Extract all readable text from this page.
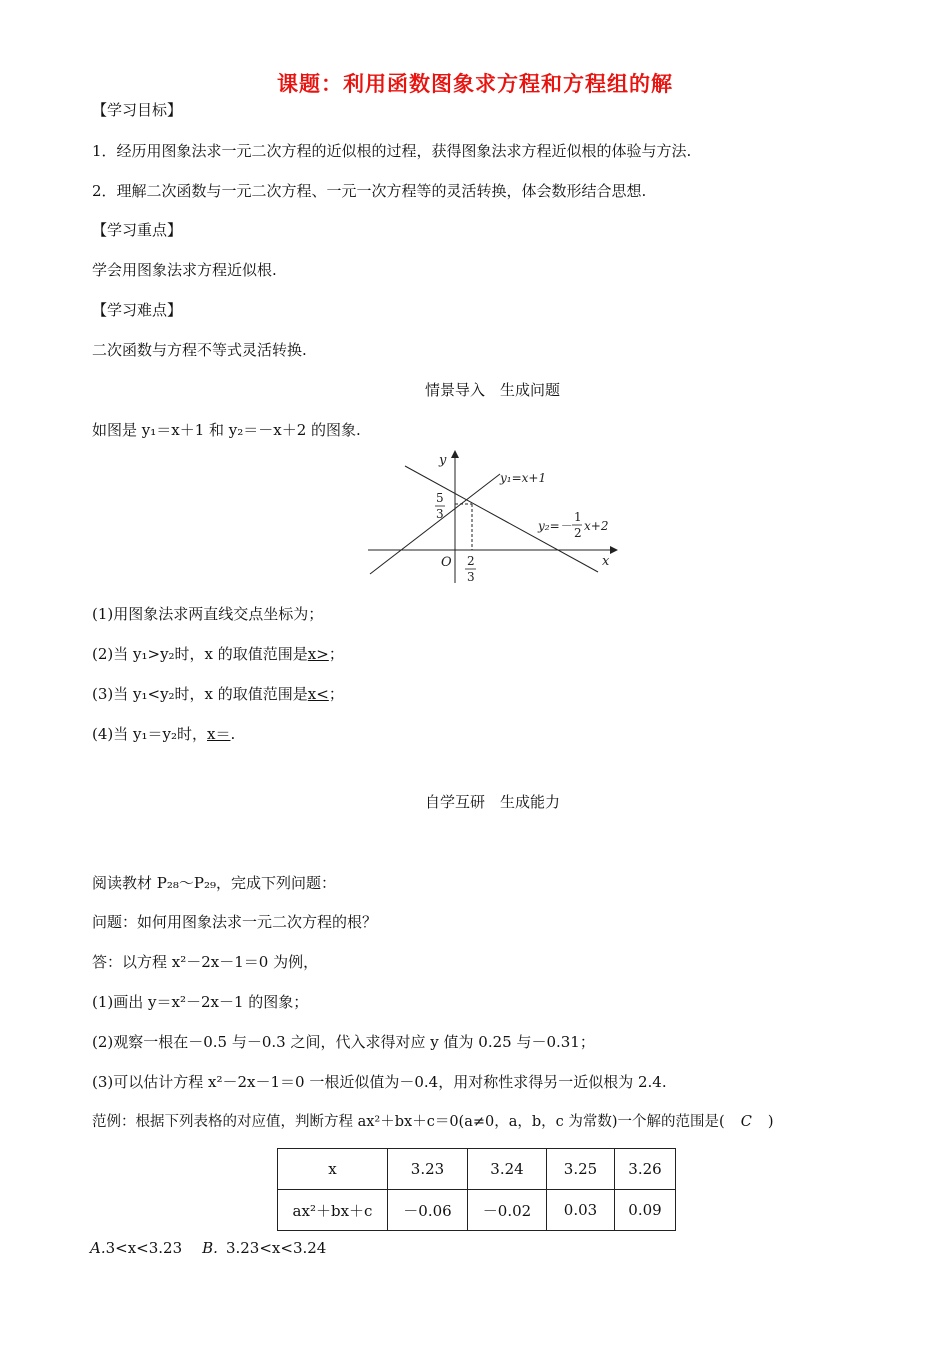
课题：利用函数图象求方程和方程组的解
【学习目标】
1．经历用图象法求一元二次方程的近似根的过程，获得图象法求方程近似根的体验与方法.
2．理解二次函数与一元二次方程、一元一次方程等的灵活转换，体会数形结合思想.
【学习重点】
学会用图象法求方程近似根.
【学习难点】
二次函数与方程不等式灵活转换.
情景导入　生成问题
如图是 y₁＝x＋1 和 y₂＝－x＋2 的图象.
y
x
O
y₁=x+1
y₂=－
1
2 x+2
5
3
2
3
(1)用图象法求两直线交点坐标为；
(2)当 y₁>y₂时，x 的取值范围是x>；
(3)当 y₁<y₂时，x 的取值范围是x<；
(4)当 y₁＝y₂时，x＝.
自学互研　生成能力
阅读教材 P₂₈～P₂₉，完成下列问题：
问题：如何用图象法求一元二次方程的根？
答：以方程 x²－2x－1＝0 为例，
(1)画出 y＝x²－2x－1 的图象；
(2)观察一根在－0.5 与－0.3 之间，代入求得对应 y 值为 0.25 与－0.31；
(3)可以估计方程 x²－2x－1＝0 一根近似值为－0.4，用对称性求得另一近似根为 2.4.
范例：根据下列表格的对应值，判断方程 ax²＋bx＋c＝0(a≠0，a，b，c 为常数)一个解的范围是( C )
x	3.23	3.24	3.25	3.26
ax²＋bx＋c	－0.06	－0.02	0.03	0.09
A.3<x<3.23 B. 3.23<x<3.24
